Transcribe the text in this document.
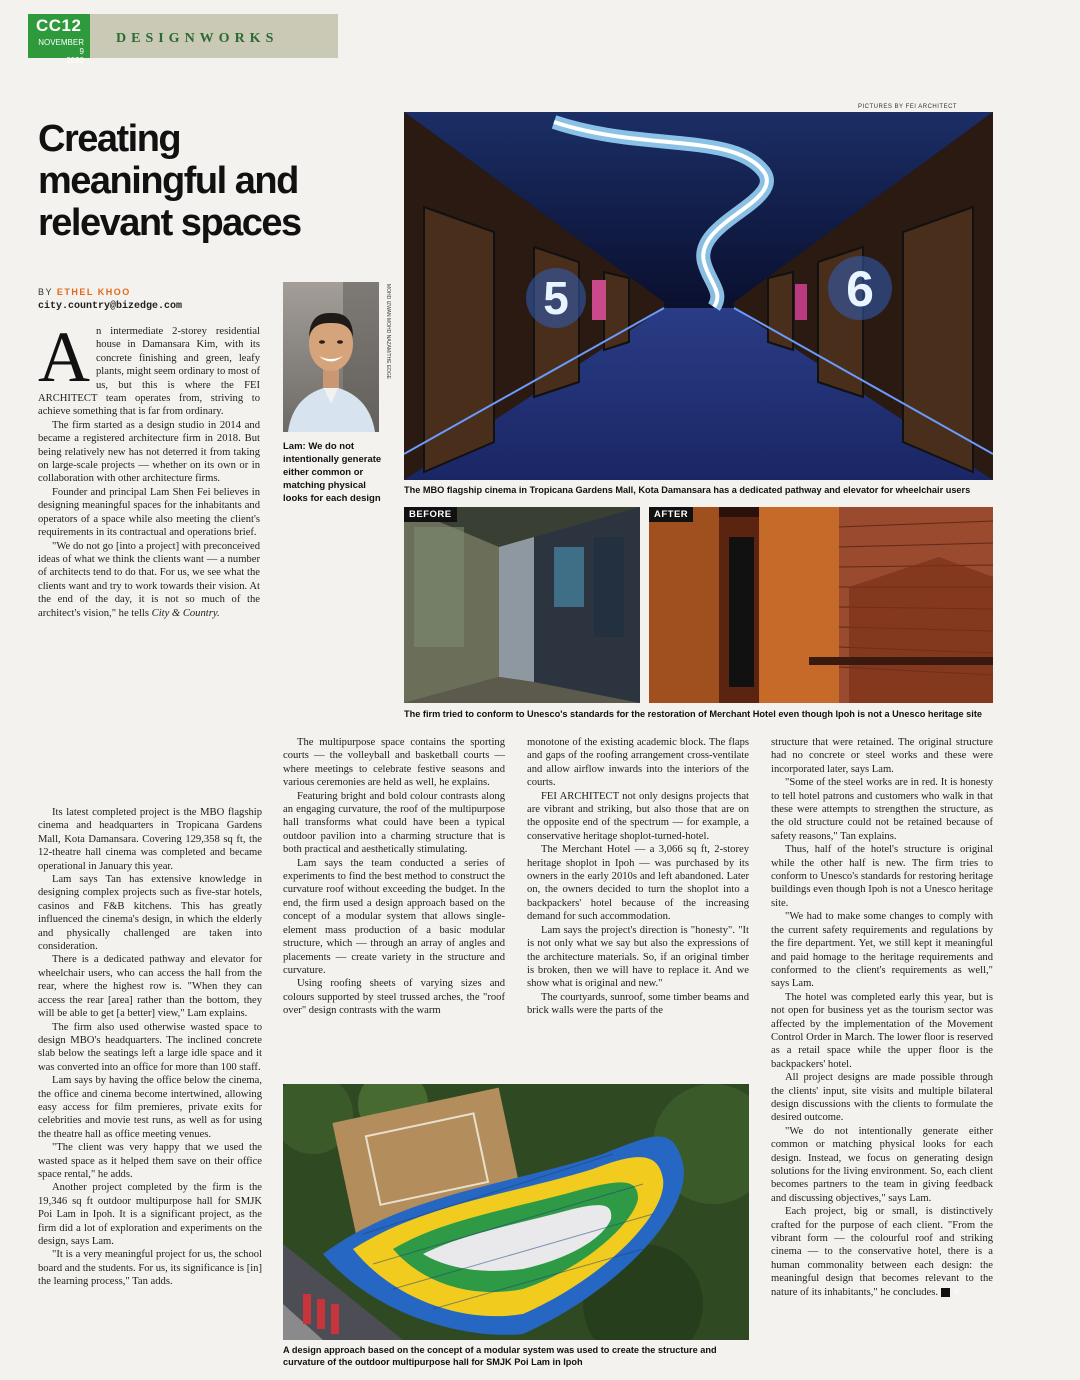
CC12
NOVEMBER 9
2020
DESIGNWORKS
PICTURES BY FEI ARCHITECT
Creating meaningful and relevant spaces
BY ETHEL KHOO
city.country@bizedge.com	MOHD IZWAN MOHD NAZAM/THE EDGE
Lam: We do not intentionally generate either common or matching physical looks for each design
A n intermediate 2-storey residential house in Damansara Kim, with its concrete finishing and green, leafy plants, might seem ordinary to most of us, but this is where the FEI ARCHITECT team operates from, striving to achieve something that is far from ordinary.

The firm started as a design studio in 2014 and became a registered architecture firm in 2018. But being relatively new has not deterred it from taking on large-scale projects — whether on its own or in collaboration with other architecture firms.

Founder and principal Lam Shen Fei believes in designing meaningful spaces for the inhabitants and operators of a space while also meeting the client's requirements in its contractual and operations brief.

"We do not go [into a project] with preconceived ideas of what we think the clients want — a number of architects tend to do that. For us, we see what the clients want and try to work towards their vision. At the end of the day, it is not so much of the architect's vision," he tells City & Country.

5	6
The MBO flagship cinema in Tropicana Gardens Mall, Kota Damansara has a dedicated pathway and elevator for wheelchair users
BEFORE	AFTER
The firm tried to conform to Unesco's standards for the restoration of Merchant Hotel even though Ipoh is not a Unesco heritage site

Its latest completed project is the MBO flagship cinema and headquarters in Tropicana Gardens Mall, Kota Damansara. Covering 129,358 sq ft, the 12-theatre hall cinema was completed and became operational in January this year.

Lam says Tan has extensive knowledge in designing complex projects such as five-star hotels, casinos and F&B kitchens. This has greatly influenced the cinema's design, in which the elderly and physically challenged are taken into consideration.

There is a dedicated pathway and elevator for wheelchair users, who can access the hall from the rear, where the highest row is. "When they can access the rear [area] rather than the bottom, they will be able to get [a better] view," Lam explains.

The firm also used otherwise wasted space to design MBO's headquarters. The inclined concrete slab below the seatings left a large idle space and it was converted into an office for more than 100 staff.

Lam says by having the office below the cinema, the office and cinema become intertwined, allowing easy access for film premieres, private exits for celebrities and movie test runs, as well as for using the theatre hall as office meeting venues.

"The client was very happy that we used the wasted space as it helped them save on their office space rental," he adds.

Another project completed by the firm is the 19,346 sq ft outdoor multipurpose hall for SMJK Poi Lam in Ipoh. It is a significant project, as the firm did a lot of exploration and experiments on the design, says Lam.

"It is a very meaningful project for us, the school board and the students. For us, its significance is [in] the learning process," Tan adds.

The multipurpose space contains the sporting courts — the volleyball and basketball courts — where meetings to celebrate festive seasons and various ceremonies are held as well, he explains.

Featuring bright and bold colour contrasts along an engaging curvature, the roof of the multipurpose hall transforms what could have been a typical outdoor pavilion into a charming structure that is both practical and aesthetically stimulating.

Lam says the team conducted a series of experiments to find the best method to construct the curvature roof without exceeding the budget. In the end, the firm used a design approach based on the concept of a modular system that allows single-element mass production of a basic modular structure, which — through an array of angles and placements — create variety in the structure and curvature.

Using roofing sheets of varying sizes and colours supported by steel trussed arches, the "roof over" design contrasts with the warm

monotone of the existing academic block. The flaps and gaps of the roofing arrangement cross-ventilate and allow airflow inwards into the interiors of the courts.

FEI ARCHITECT not only designs projects that are vibrant and striking, but also those that are on the opposite end of the spectrum — for example, a conservative heritage shoplot-turned-hotel.

The Merchant Hotel — a 3,066 sq ft, 2-storey heritage shoplot in Ipoh — was purchased by its owners in the early 2010s and left abandoned. Later on, the owners decided to turn the shoplot into a backpackers' hotel because of the increasing demand for such accommodation.

Lam says the project's direction is "honesty". "It is not only what we say but also the expressions of the architecture materials. So, if an original timber is broken, then we will have to replace it. And we show what is original and new."

The courtyards, sunroof, some timber beams and brick walls were the parts of the

A design approach based on the concept of a modular system was used to create the structure and curvature of the outdoor multipurpose hall for SMJK Poi Lam in Ipoh

structure that were retained. The original structure had no concrete or steel works and these were incorporated later, says Lam.

"Some of the steel works are in red. It is honesty to tell hotel patrons and customers who walk in that these were attempts to strengthen the structure, as the old structure could not be retained because of safety reasons," Tan explains.

Thus, half of the hotel's structure is original while the other half is new. The firm tries to conform to Unesco's standards for restoring heritage buildings even though Ipoh is not a Unesco heritage site.

"We had to make some changes to comply with the current safety requirements and regulations by the fire department. Yet, we still kept it meaningful and paid homage to the heritage requirements and conformed to the client's requirements as well," says Lam.

The hotel was completed early this year, but is not open for business yet as the tourism sector was affected by the implementation of the Movement Control Order in March. The lower floor is reserved as a retail space while the upper floor is the backpackers' hotel.

All project designs are made possible through the clients' input, site visits and multiple bilateral design discussions with the clients to formulate the desired outcome.

"We do not intentionally generate either common or matching physical looks for each design. Instead, we focus on generating design solutions for the living environment. So, each client becomes partners to the team in giving feedback and discussing objectives," says Lam.

Each project, big or small, is distinctively crafted for the purpose of each client. "From the vibrant form — the colourful roof and striking cinema — to the conservative hotel, there is a human commonality between each design: the meaningful design that becomes relevant to the nature of its inhabitants," he concludes. E
